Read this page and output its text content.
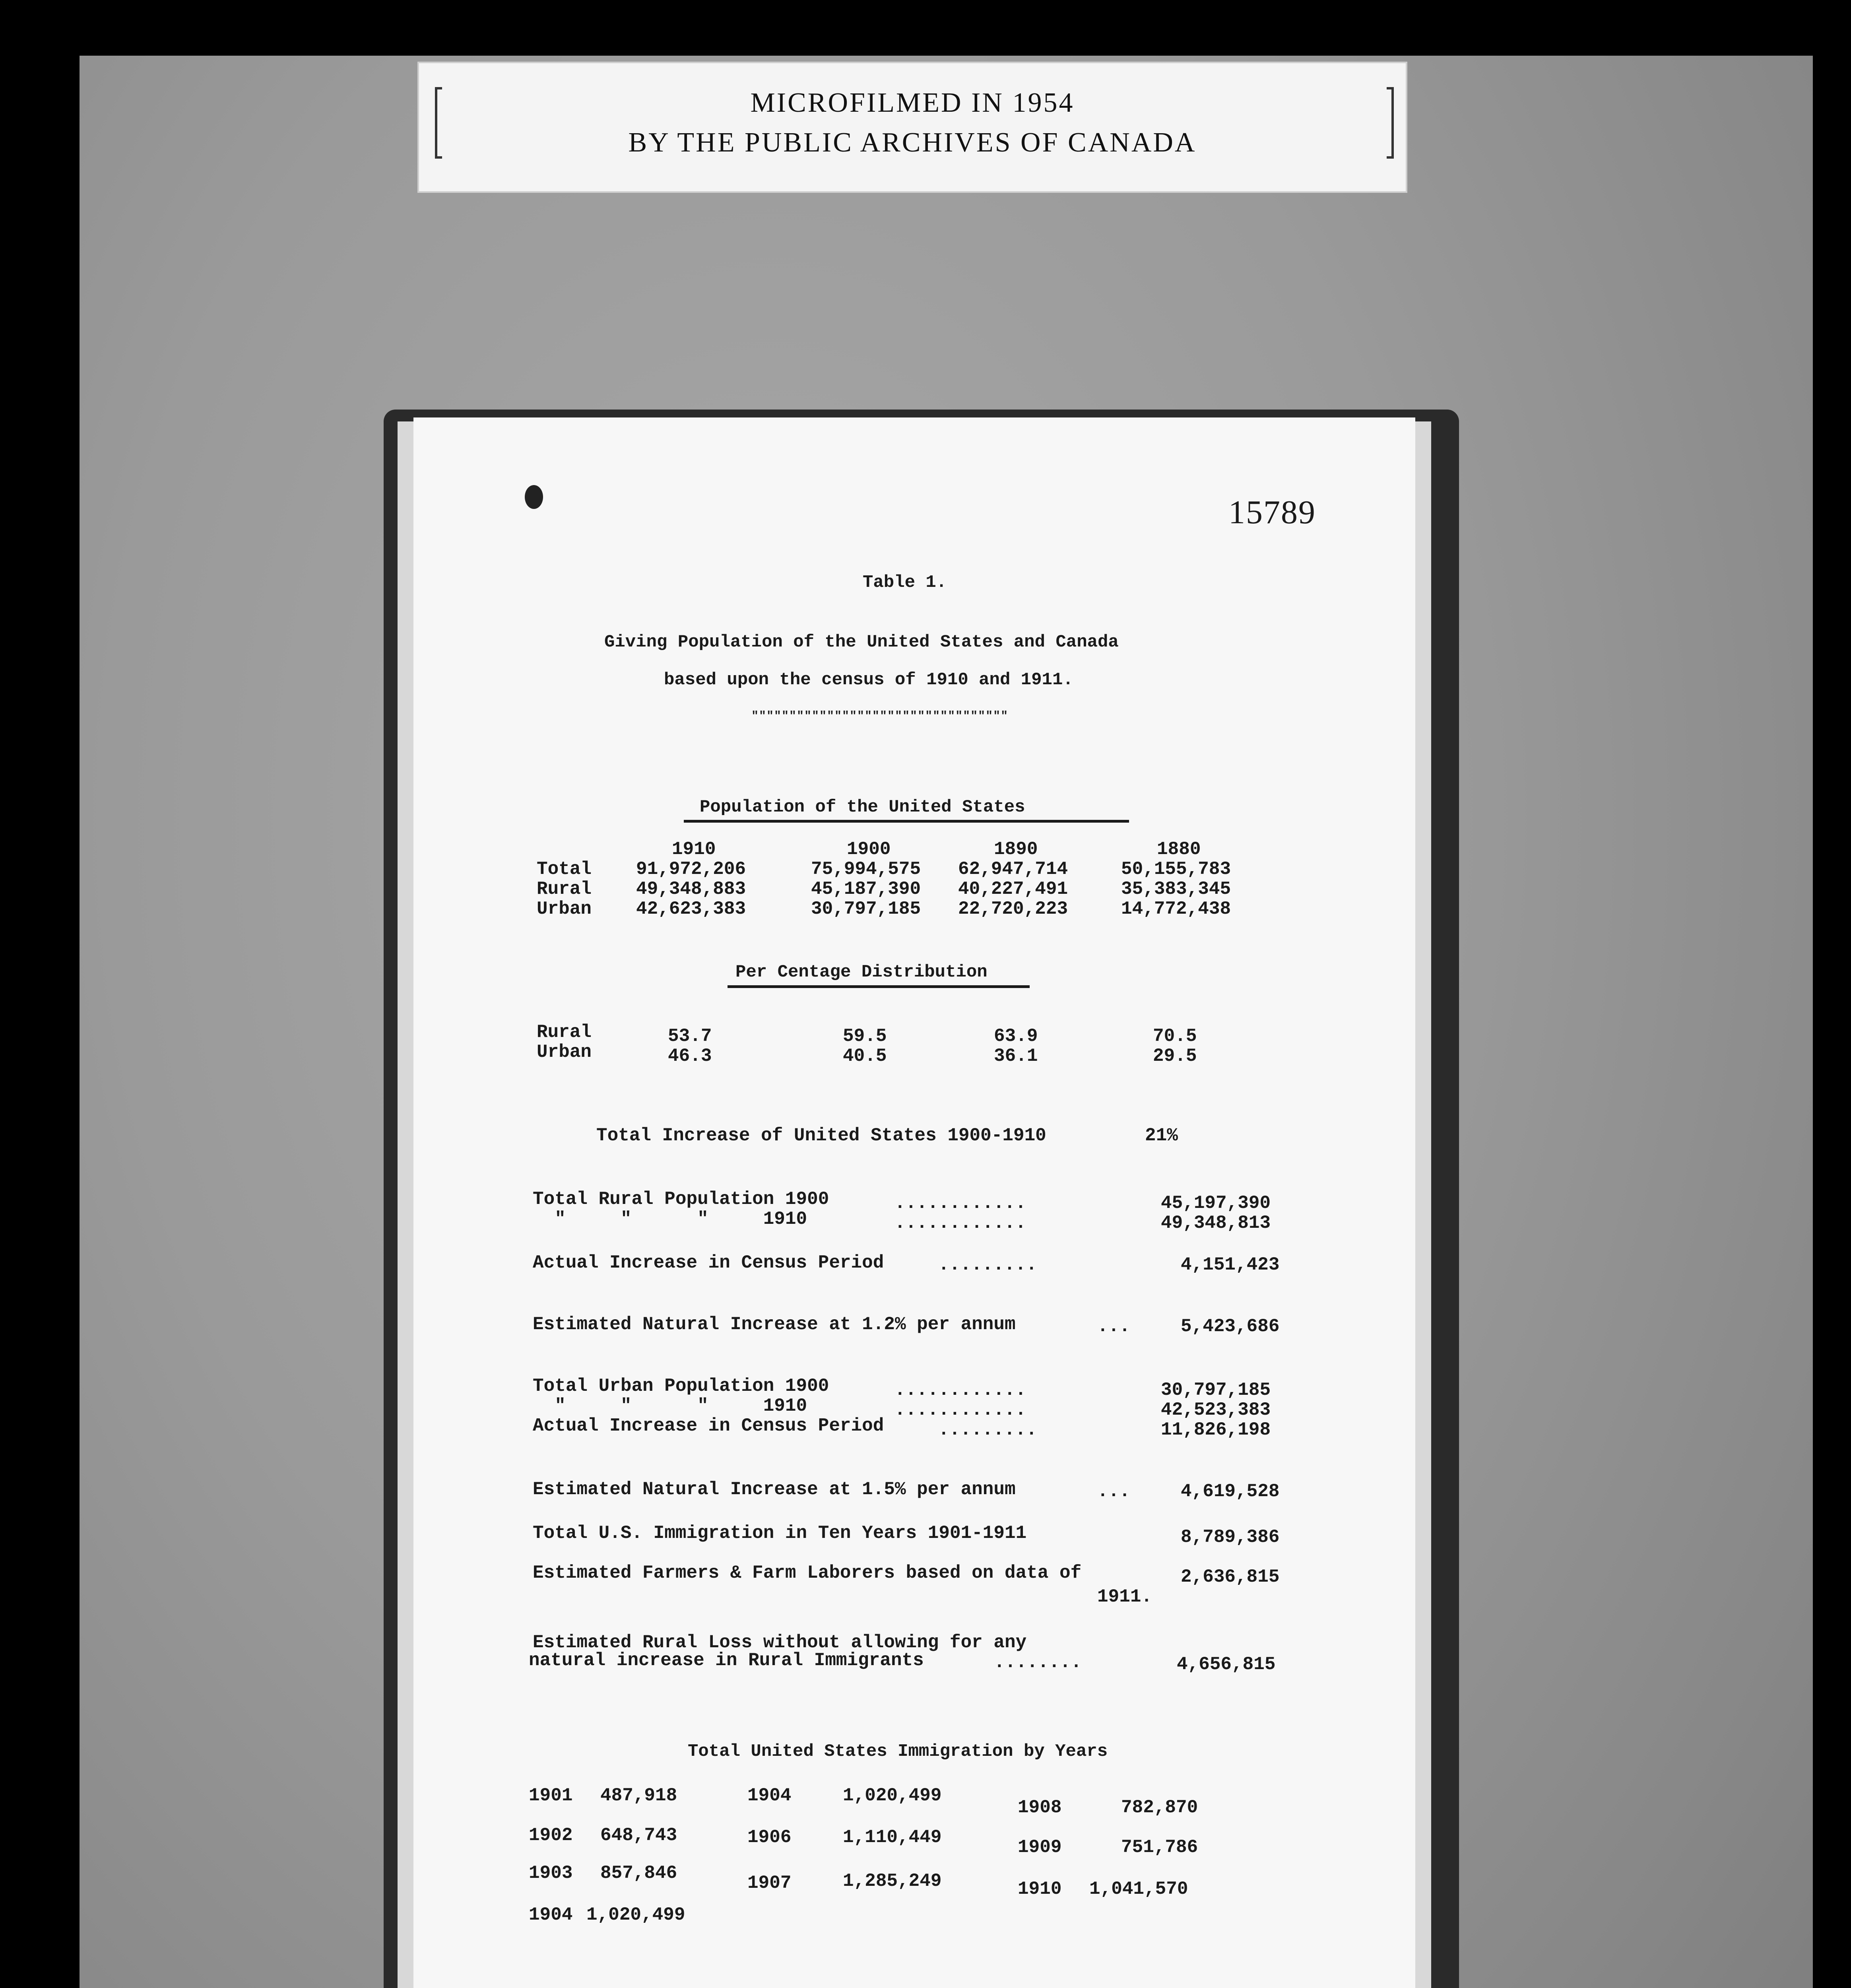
MICROFILMED IN 1954
BY THE PUBLIC ARCHIVES OF CANADA
15789
Table 1.
Giving Population of the United States and Canada
based upon the census of 1910 and 1911.
""""""""""""""""""""""""""""""""""
Population of the United States
1910	1900	1890	1880
Total 91,972,206	75,994,575 62,947,714	50,155,783
Rural 49,348,883	45,187,390 40,227,491	35,383,345
Urban 42,623,383	30,797,185 22,720,223	14,772,438
Per Centage Distribution
Rural	53.7	59.5	63.9	70.5
Urban	46.3	40.5	36.1	29.5
Total Increase of United States 1900-1910	21%
Total Rural Population 1900	............	45,197,390
"     "      "     1910	............	49,348,813
Actual Increase in Census Period	.........	4,151,423
Estimated Natural Increase at 1.2% per annum	...	5,423,686
Total Urban Population 1900	............	30,797,185
"     "      "     1910	............	42,523,383
Actual Increase in Census Period	.........	11,826,198
Estimated Natural Increase at 1.5% per annum	...	4,619,528
Total U.S. Immigration in Ten Years 1901-1911	8,789,386
Estimated Farmers & Farm Laborers based on data of	2,636,815
1911.
Estimated Rural Loss without allowing for any
natural increase in Rural Immigrants	........	4,656,815
Total United States Immigration by Years
1901 487,918
1902 648,743
1903 857,846
1904 1,020,499
1904	1,020,499
1906	1,110,449
1907	1,285,249
1908	782,870
1909	751,786
1910 1,041,570
